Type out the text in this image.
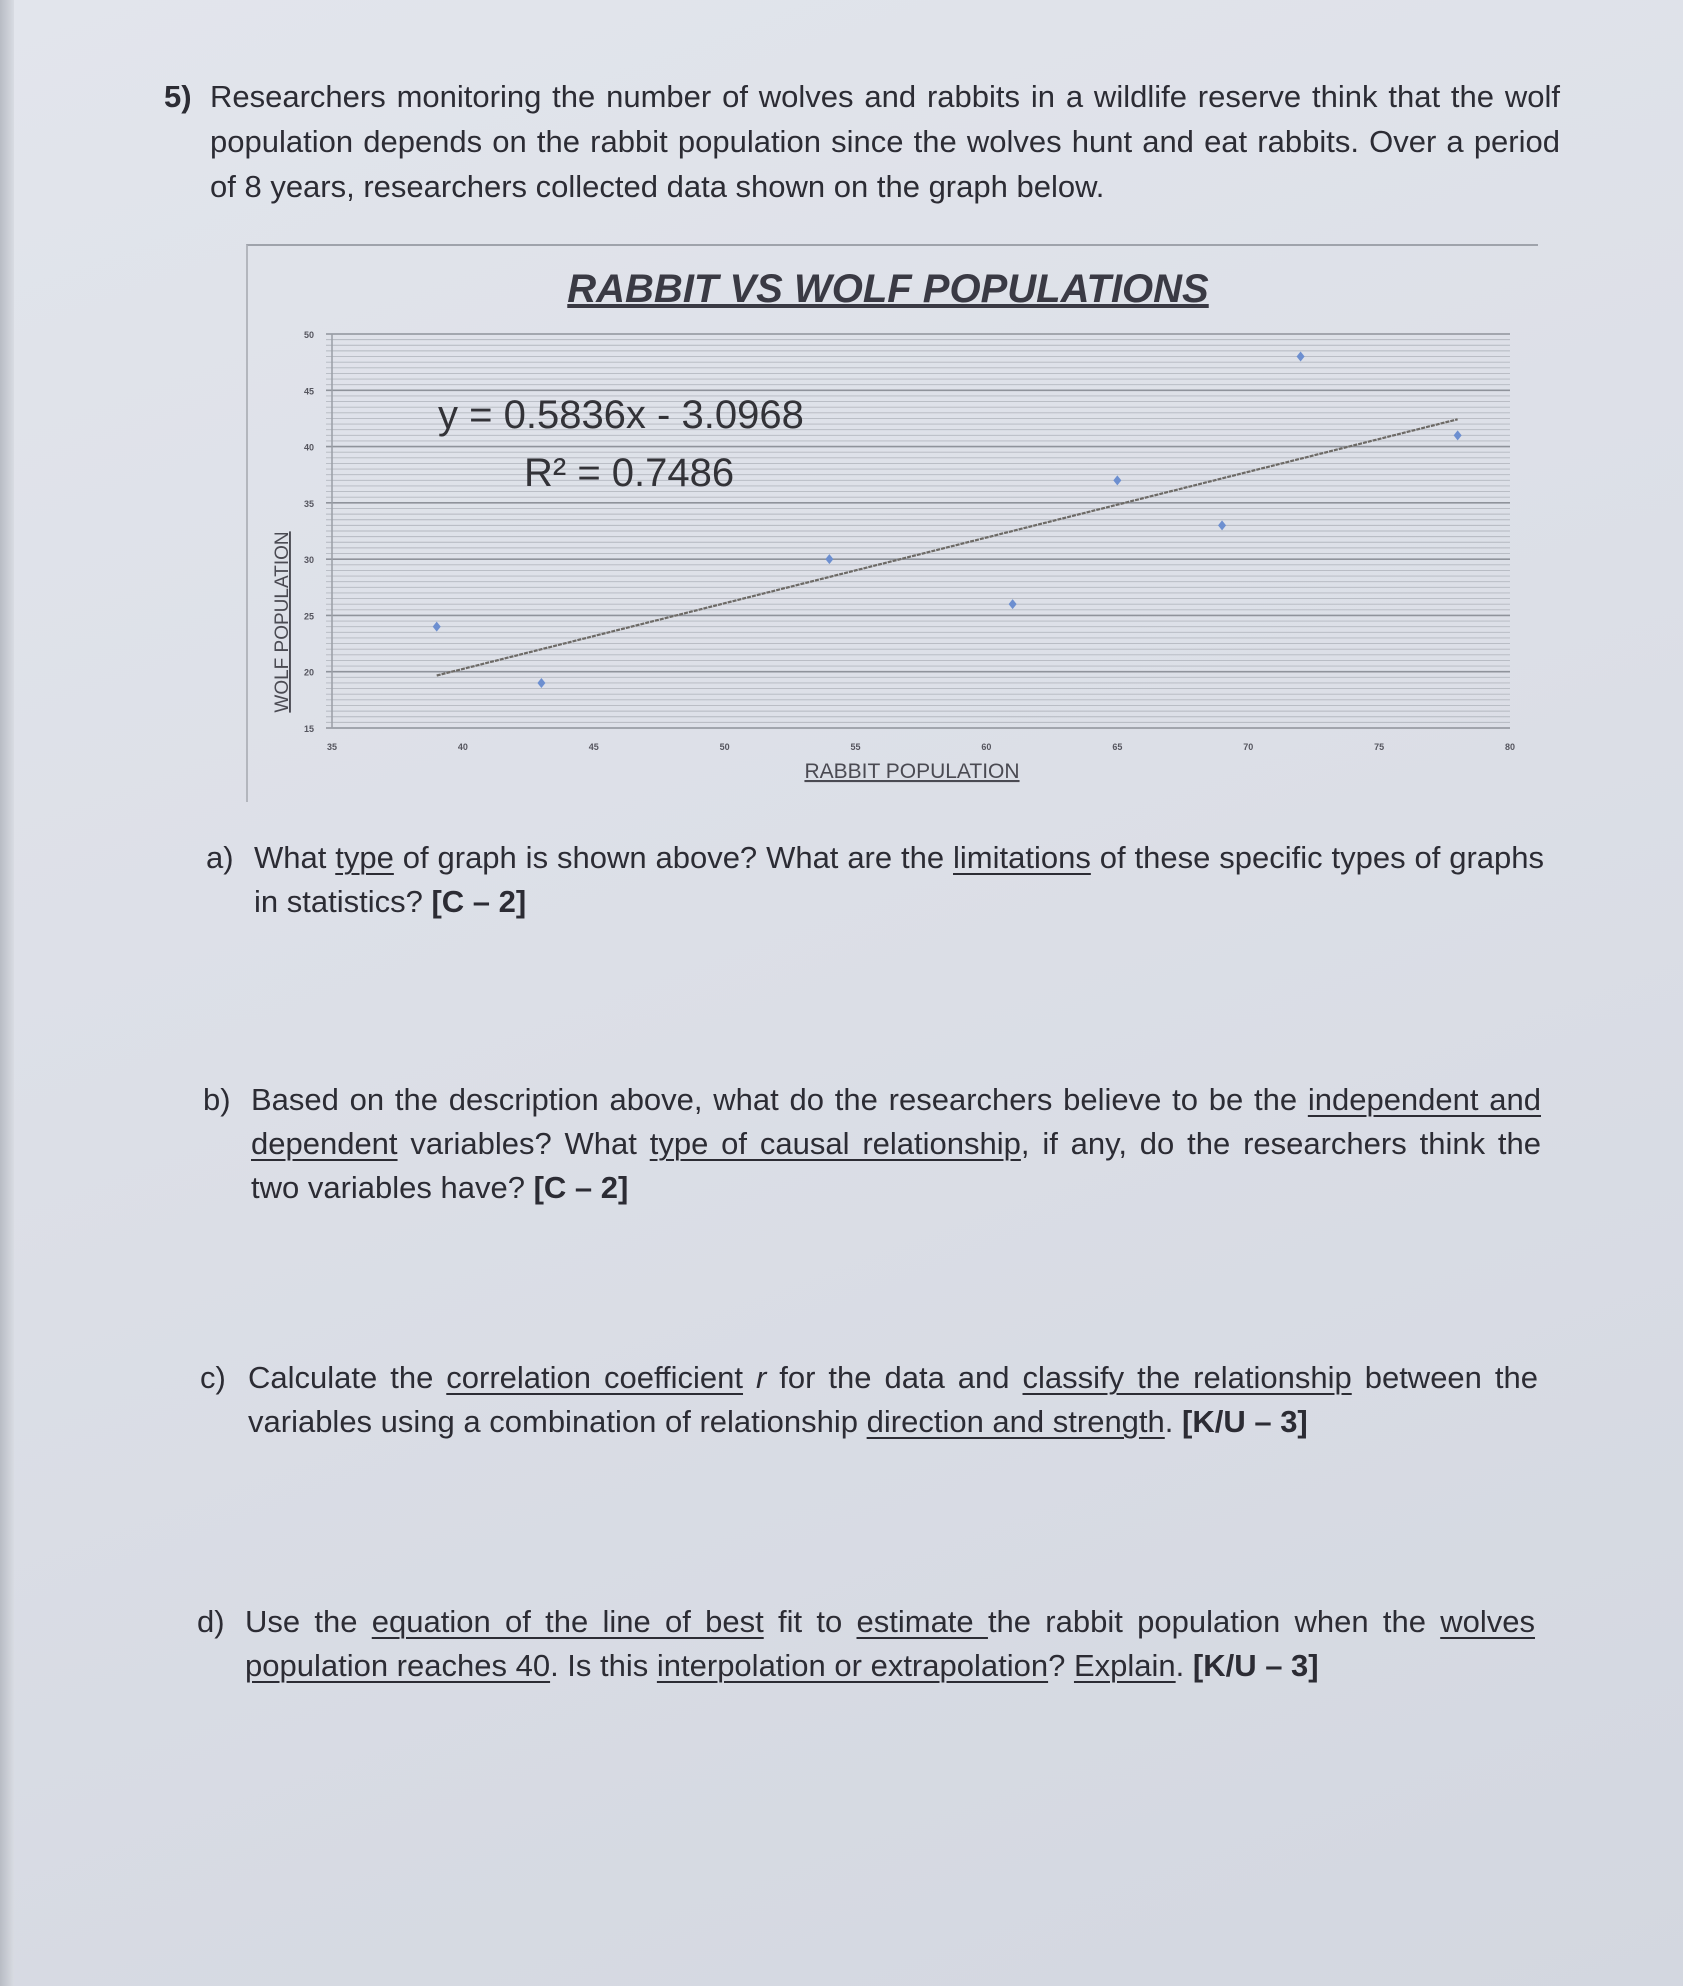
5) Researchers monitoring the number of wolves and rabbits in a wildlife reserve think that the wolf population depends on the rabbit population since the wolves hunt and eat rabbits. Over a period of 8 years, researchers collected data shown on the graph below.
RABBIT VS WOLF POPULATIONS
15
20
25
30
35
40
45
50
35	40	45	50	55	60	65	70	75	80
y = 0.5836x - 3.0968
R² = 0.7486
WOLF POPULATION
RABBIT POPULATION
a) What type of graph is shown above? What are the limitations of these specific types of graphs in statistics? [C – 2]
b) Based on the description above, what do the researchers believe to be the independent and dependent variables? What type of causal relationship, if any, do the researchers think the two variables have? [C – 2]
c) Calculate the correlation coefficient r for the data and classify the relationship between the variables using a combination of relationship direction and strength. [K/U – 3]
d) Use the equation of the line of best fit to estimate the rabbit population when the wolves population reaches 40. Is this interpolation or extrapolation? Explain. [K/U – 3]
